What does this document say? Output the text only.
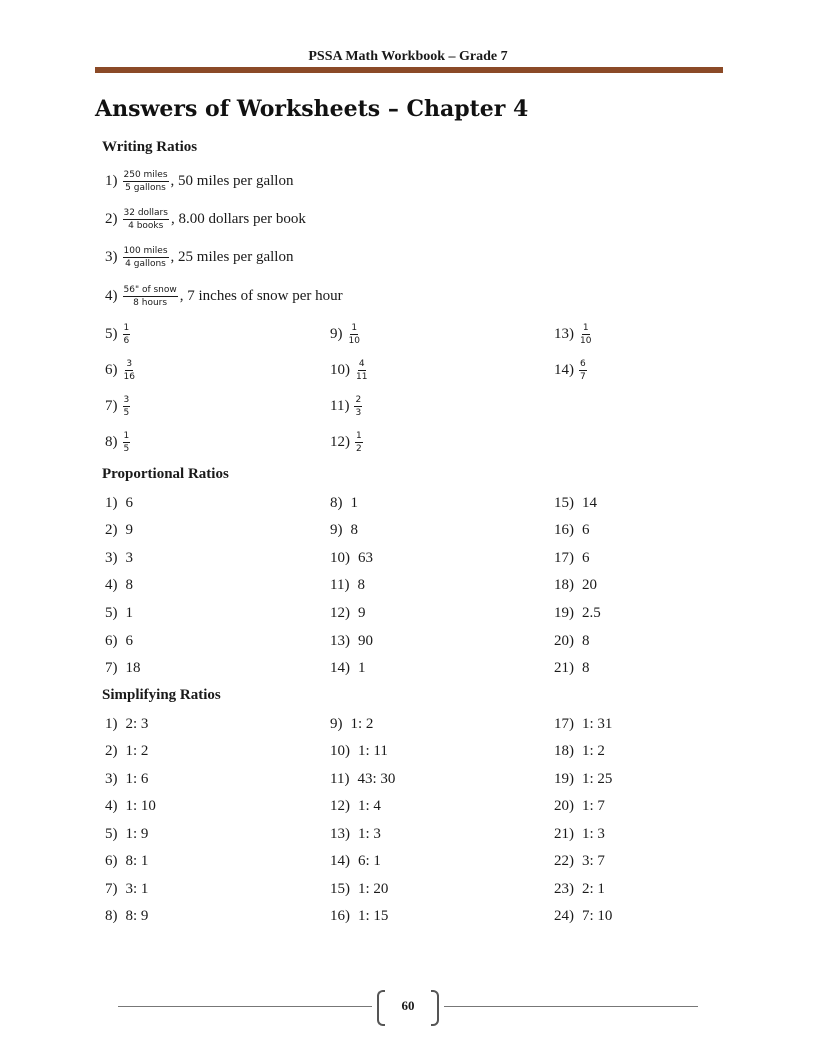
PSSA Math Workbook – Grade 7
Answers of Worksheets – Chapter 4
Writing Ratios
Proportional Ratios
Simplifying Ratios
$1) \frac{\text{250 miles}}{\text{5 gallons}}$ , 50 miles per gallon
$2) \frac{\text{32 dollars}}{\text{4 books}}$ , 8.00 dollars per book
$3) \frac{\text{100 miles}}{\text{4 gallons}}$ , 25 miles per gallon
$4) \frac{\text{56" of snow}}{\text{8 hours}}$ , 7 inches of snow per hour
$5) \frac{1}{6}$
$6) \frac{3}{16}$
$7) \frac{3}{5}$
$8) \frac{1}{5}$
$9) \frac{1}{10}$
$10) \frac{4}{11}$
$11) \frac{2}{3}$
$12) \frac{1}{2}$
$13) \frac{1}{10}$
$14) \frac{6}{7}$
1) 6
2) 9
3) 3
4) 8
5) 1
6) 6
7) 18
8) 1
9) 8
10) 63
11) 8
12) 9
13) 90
14) 1
15) 14
16) 6
17) 6
18) 20
19) 2.5
20) 8
21) 8
1) 2: 3
2) 1: 2
3) 1: 6
4) 1: 10
5) 1: 9
6) 8: 1
7) 3: 1
8) 8: 9
9) 1: 2
10) 1: 11
11) 43: 30
12) 1: 4
13) 1: 3
14) 6: 1
15) 1: 20
16) 1: 15
17) 1: 31
18) 1: 2
19) 1: 25
20) 1: 7
21) 1: 3
22) 3: 7
23) 2: 1
24) 7: 10
60
